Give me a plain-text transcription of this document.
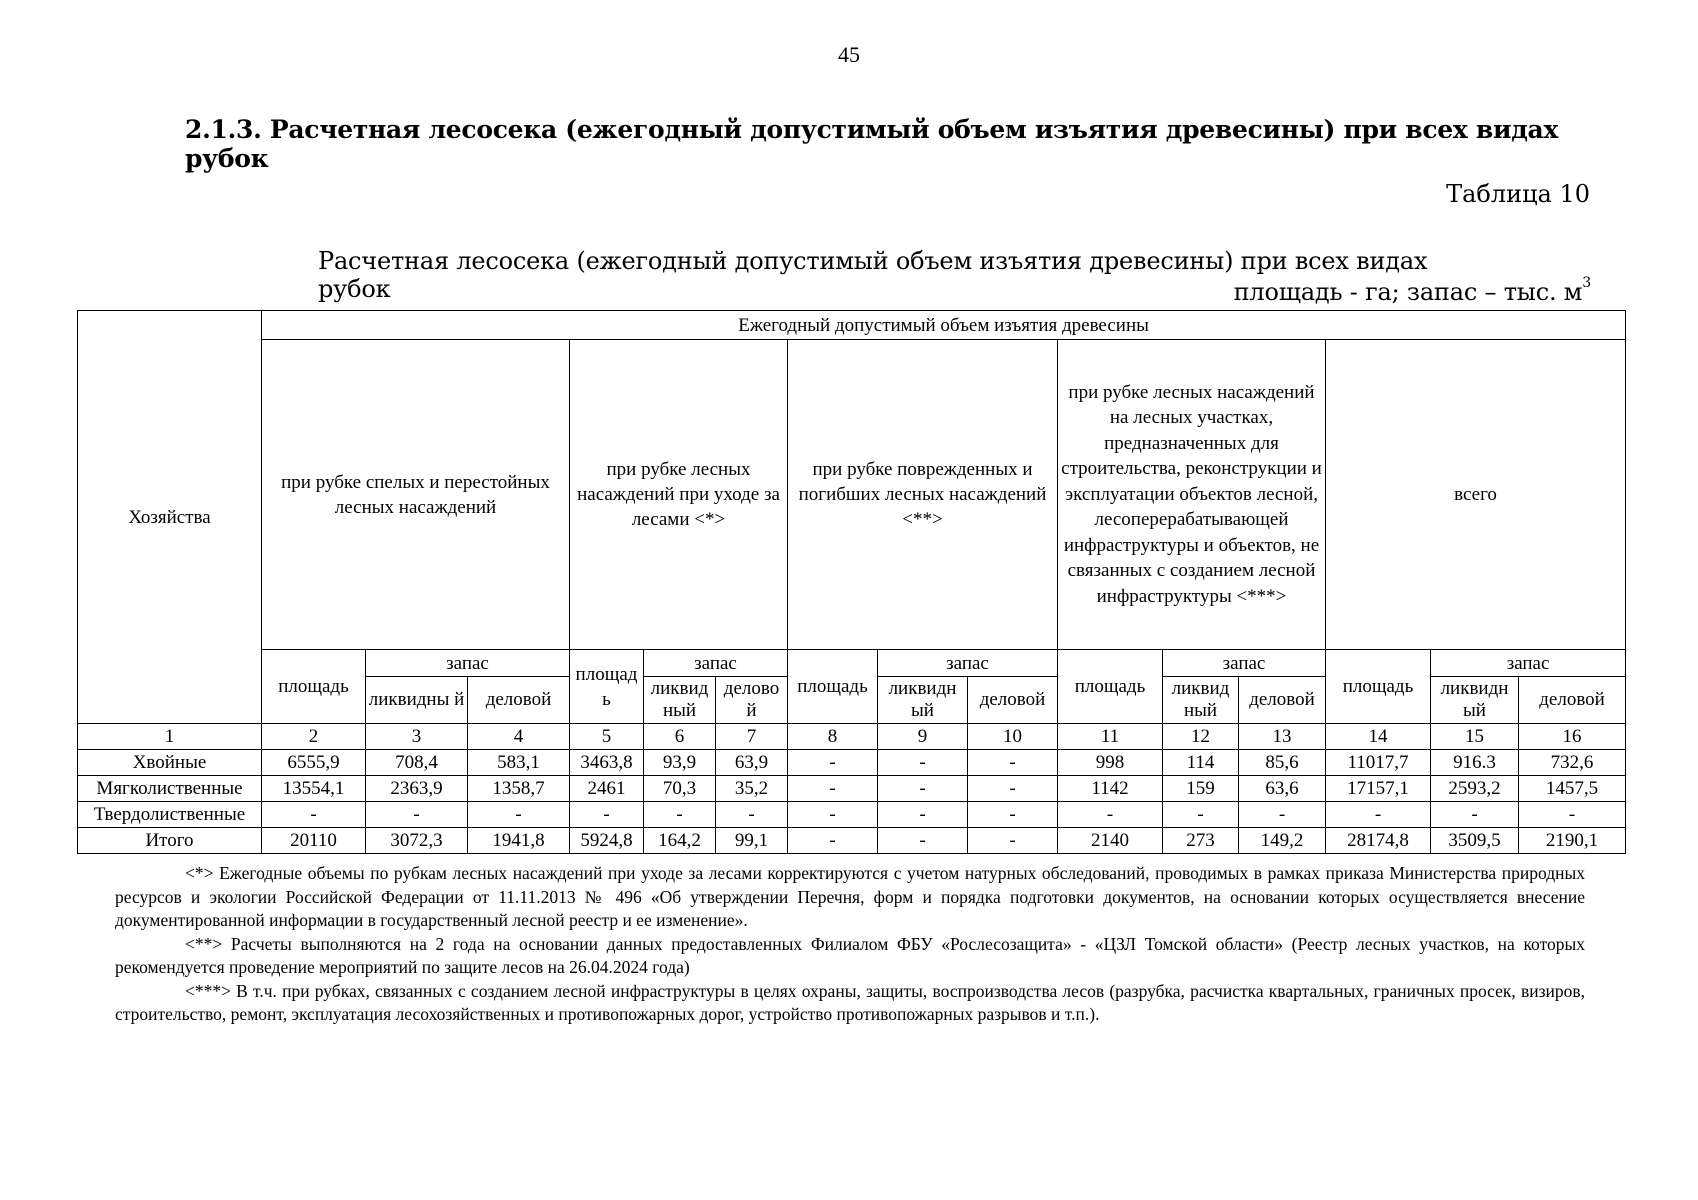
45
2.1.3. Расчетная лесосека (ежегодный допустимый объем изъятия древесины) при всех видах рубок
Таблица 10
Расчетная лесосека (ежегодный допустимый объем изъятия древесины) при всех видах рубок	площадь - га; запас – тыс. $м^3$
Хозяйства	Ежегодный допустимый объем изъятия древесины														
	при рубке спелых и перестойных лесных насаждений			при рубке лесных насаждений при уходе за лесами <*>			при рубке поврежденных и погибших лесных насаждений <**>			при рубке лесных насаждений на лесных участках, предназначенных для строительства, реконструкции и эксплуатации объектов лесной, лесоперерабатывающей инфраструктуры и объектов, не связанных с созданием лесной инфраструктуры <***>			всего		
	площадь	запас		площад ь	запас		площадь	запас		площадь	запас		площадь	запас	
		ликвидны й	деловой		ликвид ный	делово й		ликвидн ый	деловой		ликвид ный	деловой		ликвидн ый	деловой
1	2	3	4	5	6	7	8	9	10	11	12	13	14	15	16
Хвойные	6555,9	708,4	583,1	3463,8	93,9	63,9	-	-	-	998	114	85,6	11017,7	916.3	732,6
Мягколиственные	13554,1	2363,9	1358,7	2461	70,3	35,2	-	-	-	1142	159	63,6	17157,1	2593,2	1457,5
Твердолиственные	-	-	-	-	-	-	-	-	-	-	-	-	-	-	-
Итого	20110	3072,3	1941,8	5924,8	164,2	99,1	-	-	-	2140	273	149,2	28174,8	3509,5	2190,1

<*> Ежегодные объемы по рубкам лесных насаждений при уходе за лесами корректируются с учетом натурных обследований, проводимых в рамках приказа Министерства природных ресурсов и экологии Российской Федерации от 11.11.2013 № 496 «Об утверждении Перечня, форм и порядка подготовки документов, на основании которых осуществляется внесение документированной информации в государственный лесной реестр и ее изменение».

<**> Расчеты выполняются на 2 года на основании данных предоставленных Филиалом ФБУ «Рослесозащита» - «ЦЗЛ Томской области» (Реестр лесных участков, на которых рекомендуется проведение мероприятий по защите лесов на 26.04.2024 года)

<***> В т.ч. при рубках, связанных с созданием лесной инфраструктуры в целях охраны, защиты, воспроизводства лесов (разрубка, расчистка квартальных, граничных просек, визиров, строительство, ремонт, эксплуатация лесохозяйственных и противопожарных дорог, устройство противопожарных разрывов и т.п.).
